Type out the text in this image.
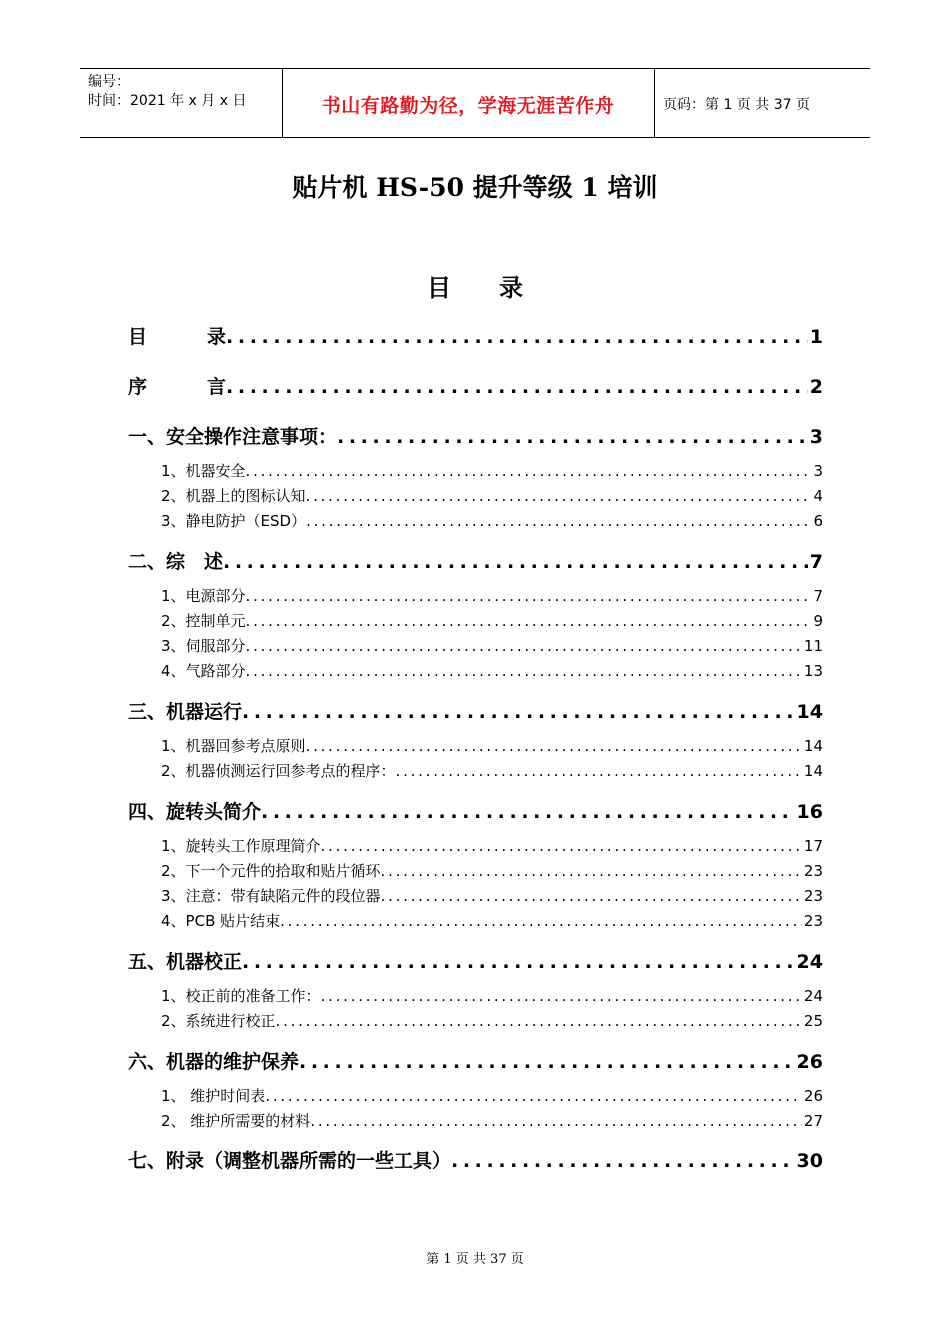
编号：
时间：2021 年 x 月 x 日	书山有路勤为径，学海无涯苦作舟	页码：第 1 页 共 37 页
贴片机 HS-50 提升等级 1 培训
目　　录
目	录 . . .	1
序	言 . . .	2
一、安全操作注意事项： . . .	3
1、机器安全 . . .	3
2、机器上的图标认知 . . .	4
3、静电防护（ESD） . . .	6
二、综　述 . . .	7
1、电源部分 . . .	7
2、控制单元 . . .	9
3、伺服部分 . . .	11
4、气路部分 . . .	13
三、机器运行 . . .	14
1、机器回参考点原则 . . .	14
2、机器侦测运行回参考点的程序： . . .	14
四、旋转头简介 . . .	16
1、旋转头工作原理简介 . . .	17
2、下一个元件的拾取和贴片循环 . . .	23
3、注意：带有缺陷元件的段位器 . . .	23
4、PCB 贴片结束 . . .	23
五、机器校正 . . .	24
1、校正前的准备工作： . . .	24
2、系统进行校正 . . .	25
六、机器的维护保养 . . .	26
1、 维护时间表 . . .	26
2、 维护所需要的材料 . . .	27
七、附录（调整机器所需的一些工具） . . .	30
第 1 页 共 37 页
